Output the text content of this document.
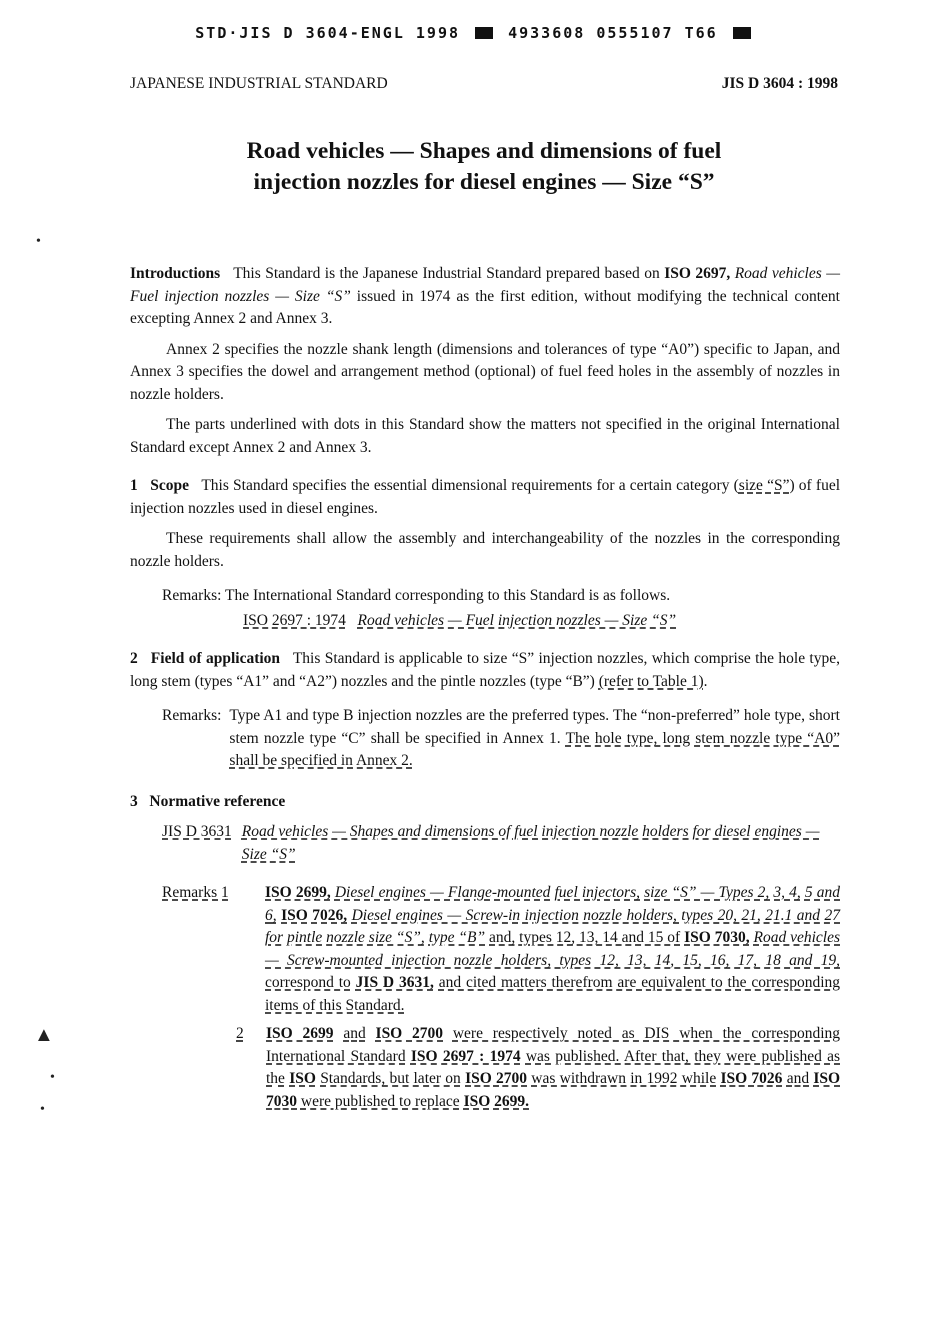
STD·JIS D 3604-ENGL 1998	4933608 0555107 T66
JAPANESE INDUSTRIAL STANDARD	JIS D 3604 : 1998
Road vehicles — Shapes and dimensions of fuel
injection nozzles for diesel engines — Size “S”
•
▲
•
•

Introductions This Standard is the Japanese Industrial Standard prepared based on ISO 2697, Road vehicles — Fuel injection nozzles — Size “S” issued in 1974 as the first edition, without modifying the technical content excepting Annex 2 and Annex 3.

Annex 2 specifies the nozzle shank length (dimensions and tolerances of type “A0”) specific to Japan, and Annex 3 specifies the dowel and arrangement method (optional) of fuel feed holes in the assembly of nozzles in nozzle holders.

The parts underlined with dots in this Standard show the matters not specified in the original International Standard except Annex 2 and Annex 3.

1 Scope This Standard specifies the essential dimensional requirements for a certain category (size “S”) of fuel injection nozzles used in diesel engines.

These requirements shall allow the assembly and interchangeability of the nozzles in the corresponding nozzle holders.

Remarks: The International Standard corresponding to this Standard is as follows.
ISO 2697 : 1974 Road vehicles — Fuel injection nozzles — Size “S”

2 Field of application This Standard is applicable to size “S” injection nozzles, which comprise the hole type, long stem (types “A1” and “A2”) nozzles and the pintle nozzles (type “B”) (refer to Table 1).

Remarks: Type A1 and type B injection nozzles are the preferred types. The “non-preferred” hole type, short stem nozzle type “C” shall be specified in Annex 1. The hole type, long stem nozzle type “A0” shall be specified in Annex 2.

3 Normative reference

JIS D 3631 Road vehicles — Shapes and dimensions of fuel injection nozzle holders for diesel engines — Size “S”
Remarks 1	ISO 2699, Diesel engines — Flange-mounted fuel injectors, size “S” — Types 2, 3, 4, 5 and 6, ISO 7026, Diesel engines — Screw-in injection nozzle holders, types 20, 21, 21.1 and 27 for pintle nozzle size “S”, type “B” and, types 12, 13, 14 and 15 of ISO 7030, Road vehicles — Screw-mounted injection nozzle holders, types 12, 13, 14, 15, 16, 17, 18 and 19, correspond to JIS D 3631, and cited matters therefrom are equivalent to the corresponding items of this Standard.
2	ISO 2699 and ISO 2700 were respectively noted as DIS when the corresponding International Standard ISO 2697 : 1974 was published. After that, they were published as the ISO Standards, but later on ISO 2700 was withdrawn in 1992 while ISO 7026 and ISO 7030 were published to replace ISO 2699.
